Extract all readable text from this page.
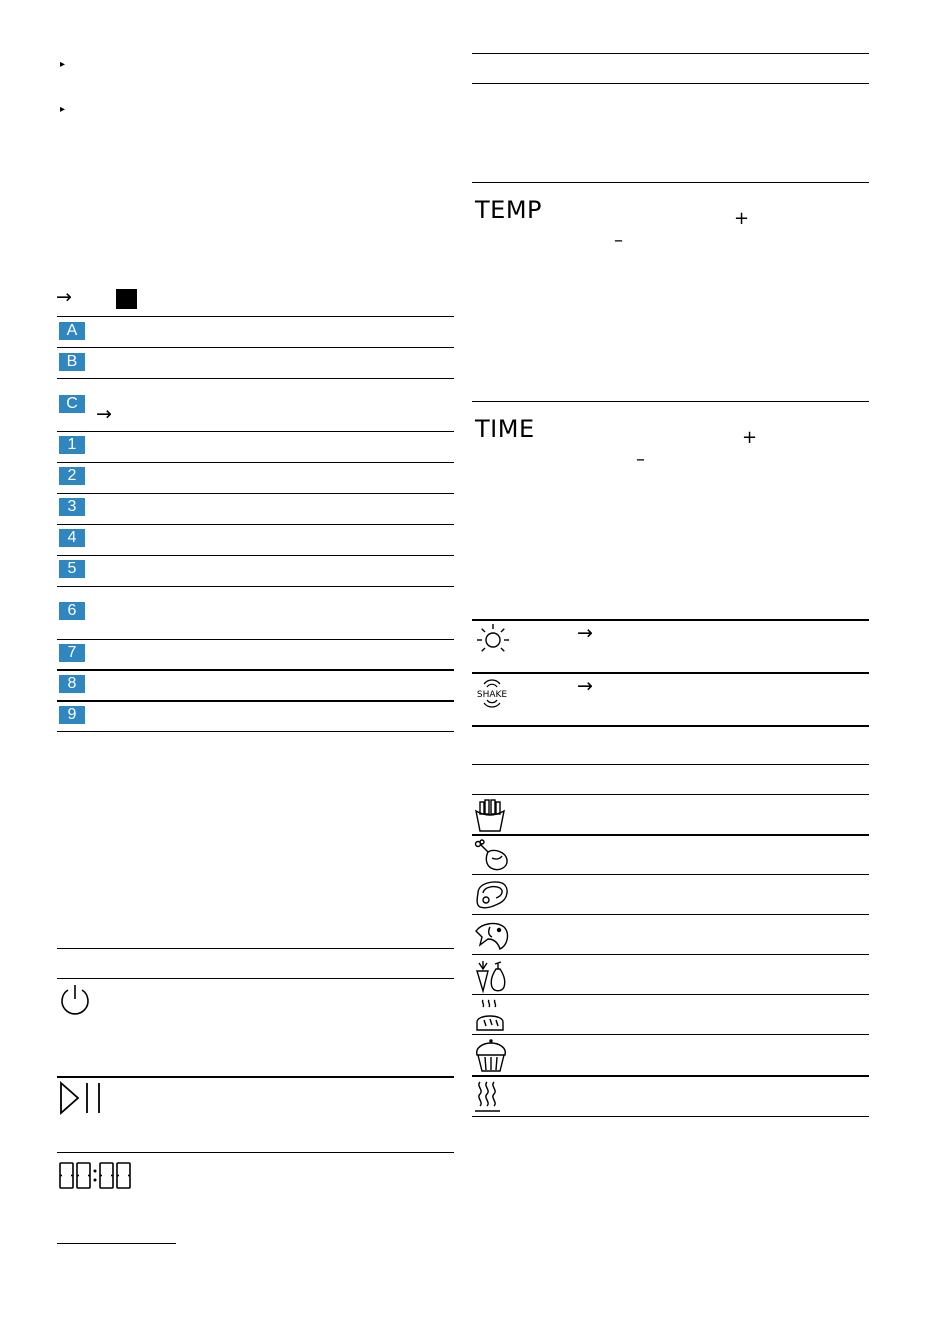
▸
▸
→
A
B
C →
1
2
3
4
5
6
7
8
9
TEMP	+
–
TIME	+
–
→
SHAKE	→
